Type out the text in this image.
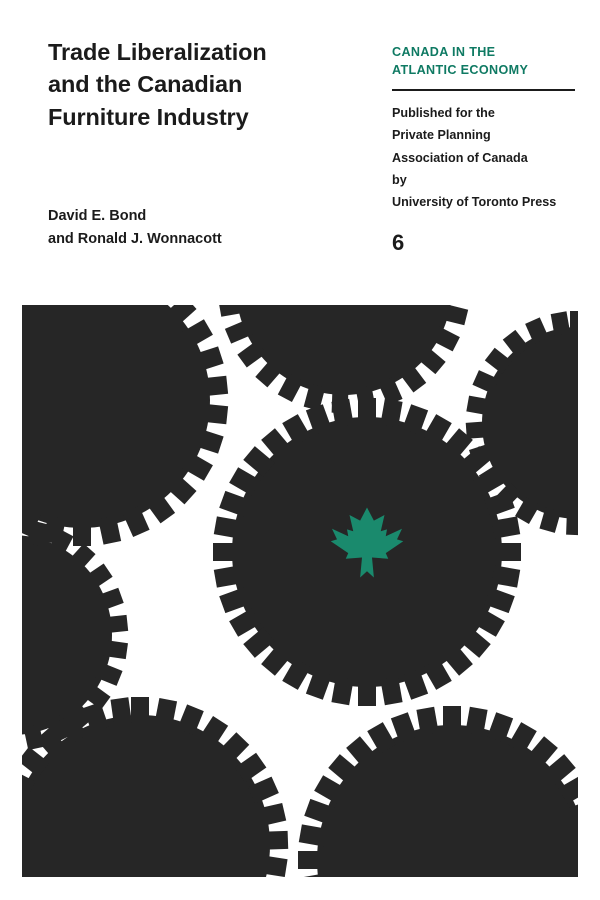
Trade Liberalization
and the Canadian
Furniture Industry
David E. Bond
and Ronald J. Wonnacott
CANADA IN THE
ATLANTIC ECONOMY
Published for the
Private Planning
Association of Canada
by
University of Toronto Press
6
